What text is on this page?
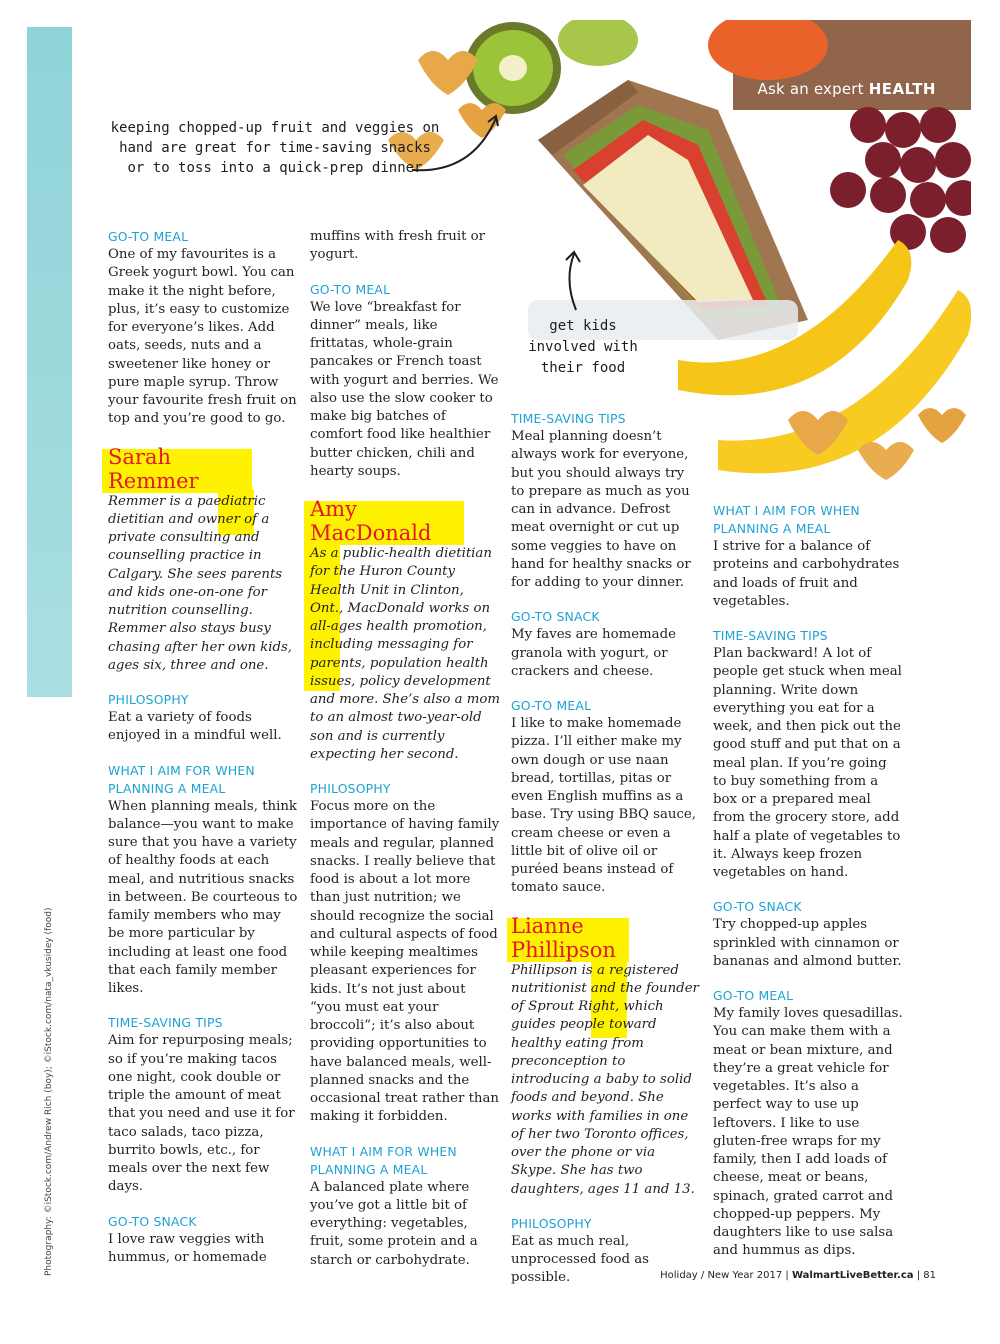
Ask an expert HEALTH
keeping chopped-up fruit and veggies on hand are great for time-saving snacks or to toss into a quick-prep dinner
get kids involved with their food
GO-TO MEAL
One of my favourites is a Greek yogurt bowl. You can make it the night before, plus, it’s easy to customize for everyone’s likes. Add oats, seeds, nuts and a sweetener like honey or pure maple syrup. Throw your favourite fresh fruit on top and you’re good to go.
Sarah
Remmer
Remmer is a paediatric dietitian and owner of a private consulting and counselling practice in Calgary. She sees parents and kids one-on-one for nutrition counselling. Remmer also stays busy chasing after her own kids, ages six, three and one.
PHILOSOPHY
Eat a variety of foods enjoyed in a mindful well.
WHAT I AIM FOR WHEN PLANNING A MEAL
When planning meals, think balance—you want to make sure that you have a variety of healthy foods at each meal, and nutritious snacks in between. Be courteous to family members who may be more particular by including at least one food that each family member likes.
TIME-SAVING TIPS
Aim for repurposing meals; so if you’re making tacos one night, cook double or triple the amount of meat that you need and use it for taco salads, taco pizza, burrito bowls, etc., for meals over the next few days.
GO-TO SNACK
I love raw veggies with hummus, or homemade
muffins with fresh fruit or yogurt.
GO-TO MEAL
We love “breakfast for dinner” meals, like frittatas, whole-grain pancakes or French toast with yogurt and berries. We also use the slow cooker to make big batches of comfort food like healthier butter chicken, chili and hearty soups.
Amy
MacDonald
As a public-health dietitian for the Huron County Health Unit in Clinton, Ont., MacDonald works on all-ages health promotion, including messaging for parents, population health issues, policy development and more. She’s also a mom to an almost two-year-old son and is currently expecting her second.
PHILOSOPHY
Focus more on the importance of having family meals and regular, planned snacks. I really believe that food is about a lot more than just nutrition; we should recognize the social and cultural aspects of food while keeping mealtimes pleasant experiences for kids. It’s not just about “you must eat your broccoli”; it’s also about providing opportunities to have balanced meals, well-planned snacks and the occasional treat rather than making it forbidden.
WHAT I AIM FOR WHEN PLANNING A MEAL
A balanced plate where you’ve got a little bit of everything: vegetables, fruit, some protein and a starch or carbohydrate.
TIME-SAVING TIPS
Meal planning doesn’t always work for everyone, but you should always try to prepare as much as you can in advance. Defrost meat overnight or cut up some veggies to have on hand for healthy snacks or for adding to your dinner.
GO-TO SNACK
My faves are homemade granola with yogurt, or crackers and cheese.
GO-TO MEAL
I like to make homemade pizza. I’ll either make my own dough or use naan bread, tortillas, pitas or even English muffins as a base. Try using BBQ sauce, cream cheese or even a little bit of olive oil or puréed beans instead of tomato sauce.
Lianne
Phillipson
Phillipson is a registered nutritionist and the founder of Sprout Right, which guides people toward healthy eating from preconception to introducing a baby to solid foods and beyond. She works with families in one of her two Toronto offices, over the phone or via Skype. She has two daughters, ages 11 and 13.
PHILOSOPHY
Eat as much real, unprocessed food as possible.
WHAT I AIM FOR WHEN PLANNING A MEAL
I strive for a balance of proteins and carbohydrates and loads of fruit and vegetables.
TIME-SAVING TIPS
Plan backward! A lot of people get stuck when meal planning. Write down everything you eat for a week, and then pick out the good stuff and put that on a meal plan. If you’re going to buy something from a box or a prepared meal from the grocery store, add half a plate of vegetables to it. Always keep frozen vegetables on hand.
GO-TO SNACK
Try chopped-up apples sprinkled with cinnamon or bananas and almond butter.
GO-TO MEAL
My family loves quesadillas. You can make them with a meat or bean mixture, and they’re a great vehicle for vegetables. It’s also a perfect way to use up leftovers. I like to use gluten-free wraps for my family, then I add loads of cheese, meat or beans, spinach, grated carrot and chopped-up peppers. My daughters like to use salsa and hummus as dips.
Holiday / New Year 2017 | WalmartLiveBetter.ca | 81
Photography: ©iStock.com/Andrew Rich (boy); ©iStock.com/nata_vkusidey (food)
